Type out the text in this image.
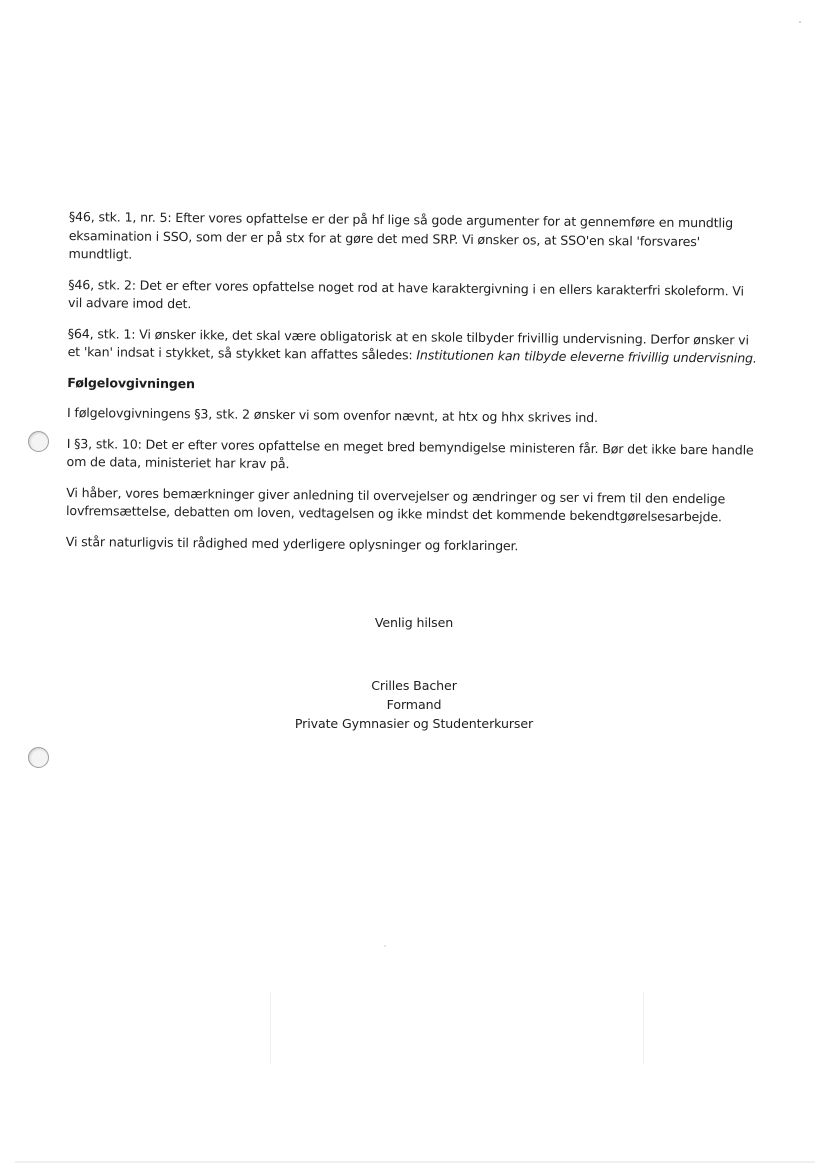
§46, stk. 1, nr. 5: Efter vores opfattelse er der på hf lige så gode argumenter for at gennemføre en mundtlig eksamination i SSO, som der er på stx for at gøre det med SRP. Vi ønsker os, at SSO'en skal 'forsvares' mundtligt.

§46, stk. 2: Det er efter vores opfattelse noget rod at have karaktergivning i en ellers karakterfri skoleform. Vi vil advare imod det.

§64, stk. 1: Vi ønsker ikke, det skal være obligatorisk at en skole tilbyder frivillig undervisning. Derfor ønsker vi et 'kan' indsat i stykket, så stykket kan affattes således: Institutionen kan tilbyde eleverne frivillig undervisning.

Følgelovgivningen

I følgelovgivningens §3, stk. 2 ønsker vi som ovenfor nævnt, at htx og hhx skrives ind.

I §3, stk. 10: Det er efter vores opfattelse en meget bred bemyndigelse ministeren får. Bør det ikke bare handle om de data, ministeriet har krav på.

Vi håber, vores bemærkninger giver anledning til overvejelser og ændringer og ser vi frem til den endelige lovfremsættelse, debatten om loven, vedtagelsen og ikke mindst det kommende bekendtgørelsesarbejde.

Vi står naturligvis til rådighed med yderligere oplysninger og forklaringer.

Venlig hilsen
Crilles Bacher
Formand
Private Gymnasier og Studenterkurser
